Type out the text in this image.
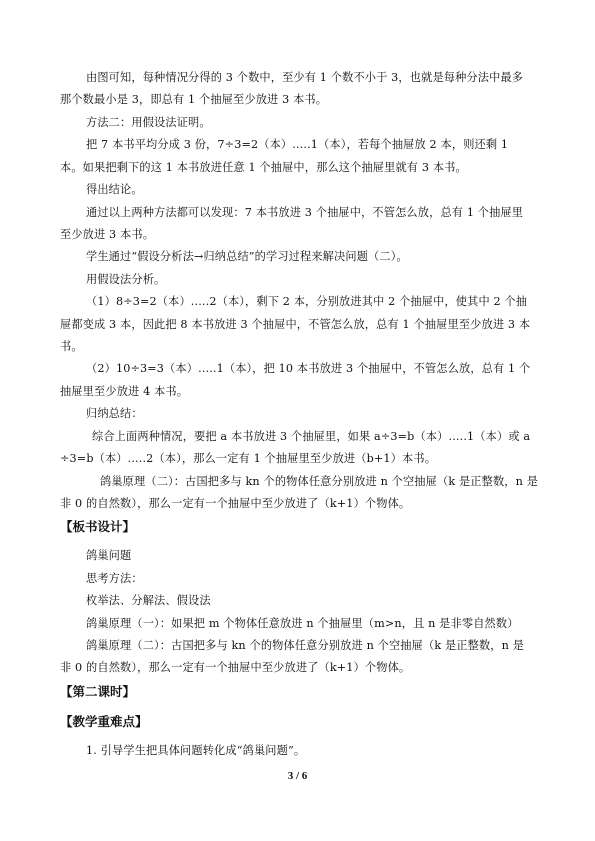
由图可知，每种情况分得的 3 个数中，至少有 1 个数不小于 3，也就是每种分法中最多
那个数最小是 3，即总有 1 个抽屉至少放进 3 本书。
方法二：用假设法证明。
把 7 本书平均分成 3 份，7÷3=2（本）.....1（本），若每个抽屉放 2 本，则还剩 1
本。如果把剩下的这 1 本书放进任意 1 个抽屉中，那么这个抽屉里就有 3 本书。
得出结论。
通过以上两种方法都可以发现：7 本书放进 3 个抽屉中，不管怎么放，总有 1 个抽屉里
至少放进 3 本书。
学生通过“假设分析法→归纳总结”的学习过程来解决问题（二）。
用假设法分析。
（1）8÷3=2（本）.....2（本），剩下 2 本，分别放进其中 2 个抽屉中，使其中 2 个抽
屉都变成 3 本，因此把 8 本书放进 3 个抽屉中，不管怎么放，总有 1 个抽屉里至少放进 3 本
书。
（2）10÷3=3（本）.....1（本），把 10 本书放进 3 个抽屉中，不管怎么放，总有 1 个
抽屉里至少放进 4 本书。
归纳总结：
综合上面两种情况，要把 a 本书放进 3 个抽屉里，如果 a÷3=b（本）.....1（本）或 a
÷3=b（本）.....2（本），那么一定有 1 个抽屉里至少放进（b+1）本书。
鸽巢原理（二）：古国把多与 kn 个的物体任意分别放进 n 个空抽屉（k 是正整数，n 是
非 0 的自然数），那么一定有一个抽屉中至少放进了（k+1）个物体。
【板书设计】
鸽巢问题
思考方法：
枚举法、分解法、假设法
鸽巢原理（一）：如果把 m 个物体任意放进 n 个抽屉里（m>n，且 n 是非零自然数）
鸽巢原理（二）：古国把多与 kn 个的物体任意分别放进 n 个空抽屉（k 是正整数，n 是
非 0 的自然数），那么一定有一个抽屉中至少放进了（k+1）个物体。
【第二课时】
【教学重难点】
1. 引导学生把具体问题转化成“鸽巢问题”。
3 / 6
